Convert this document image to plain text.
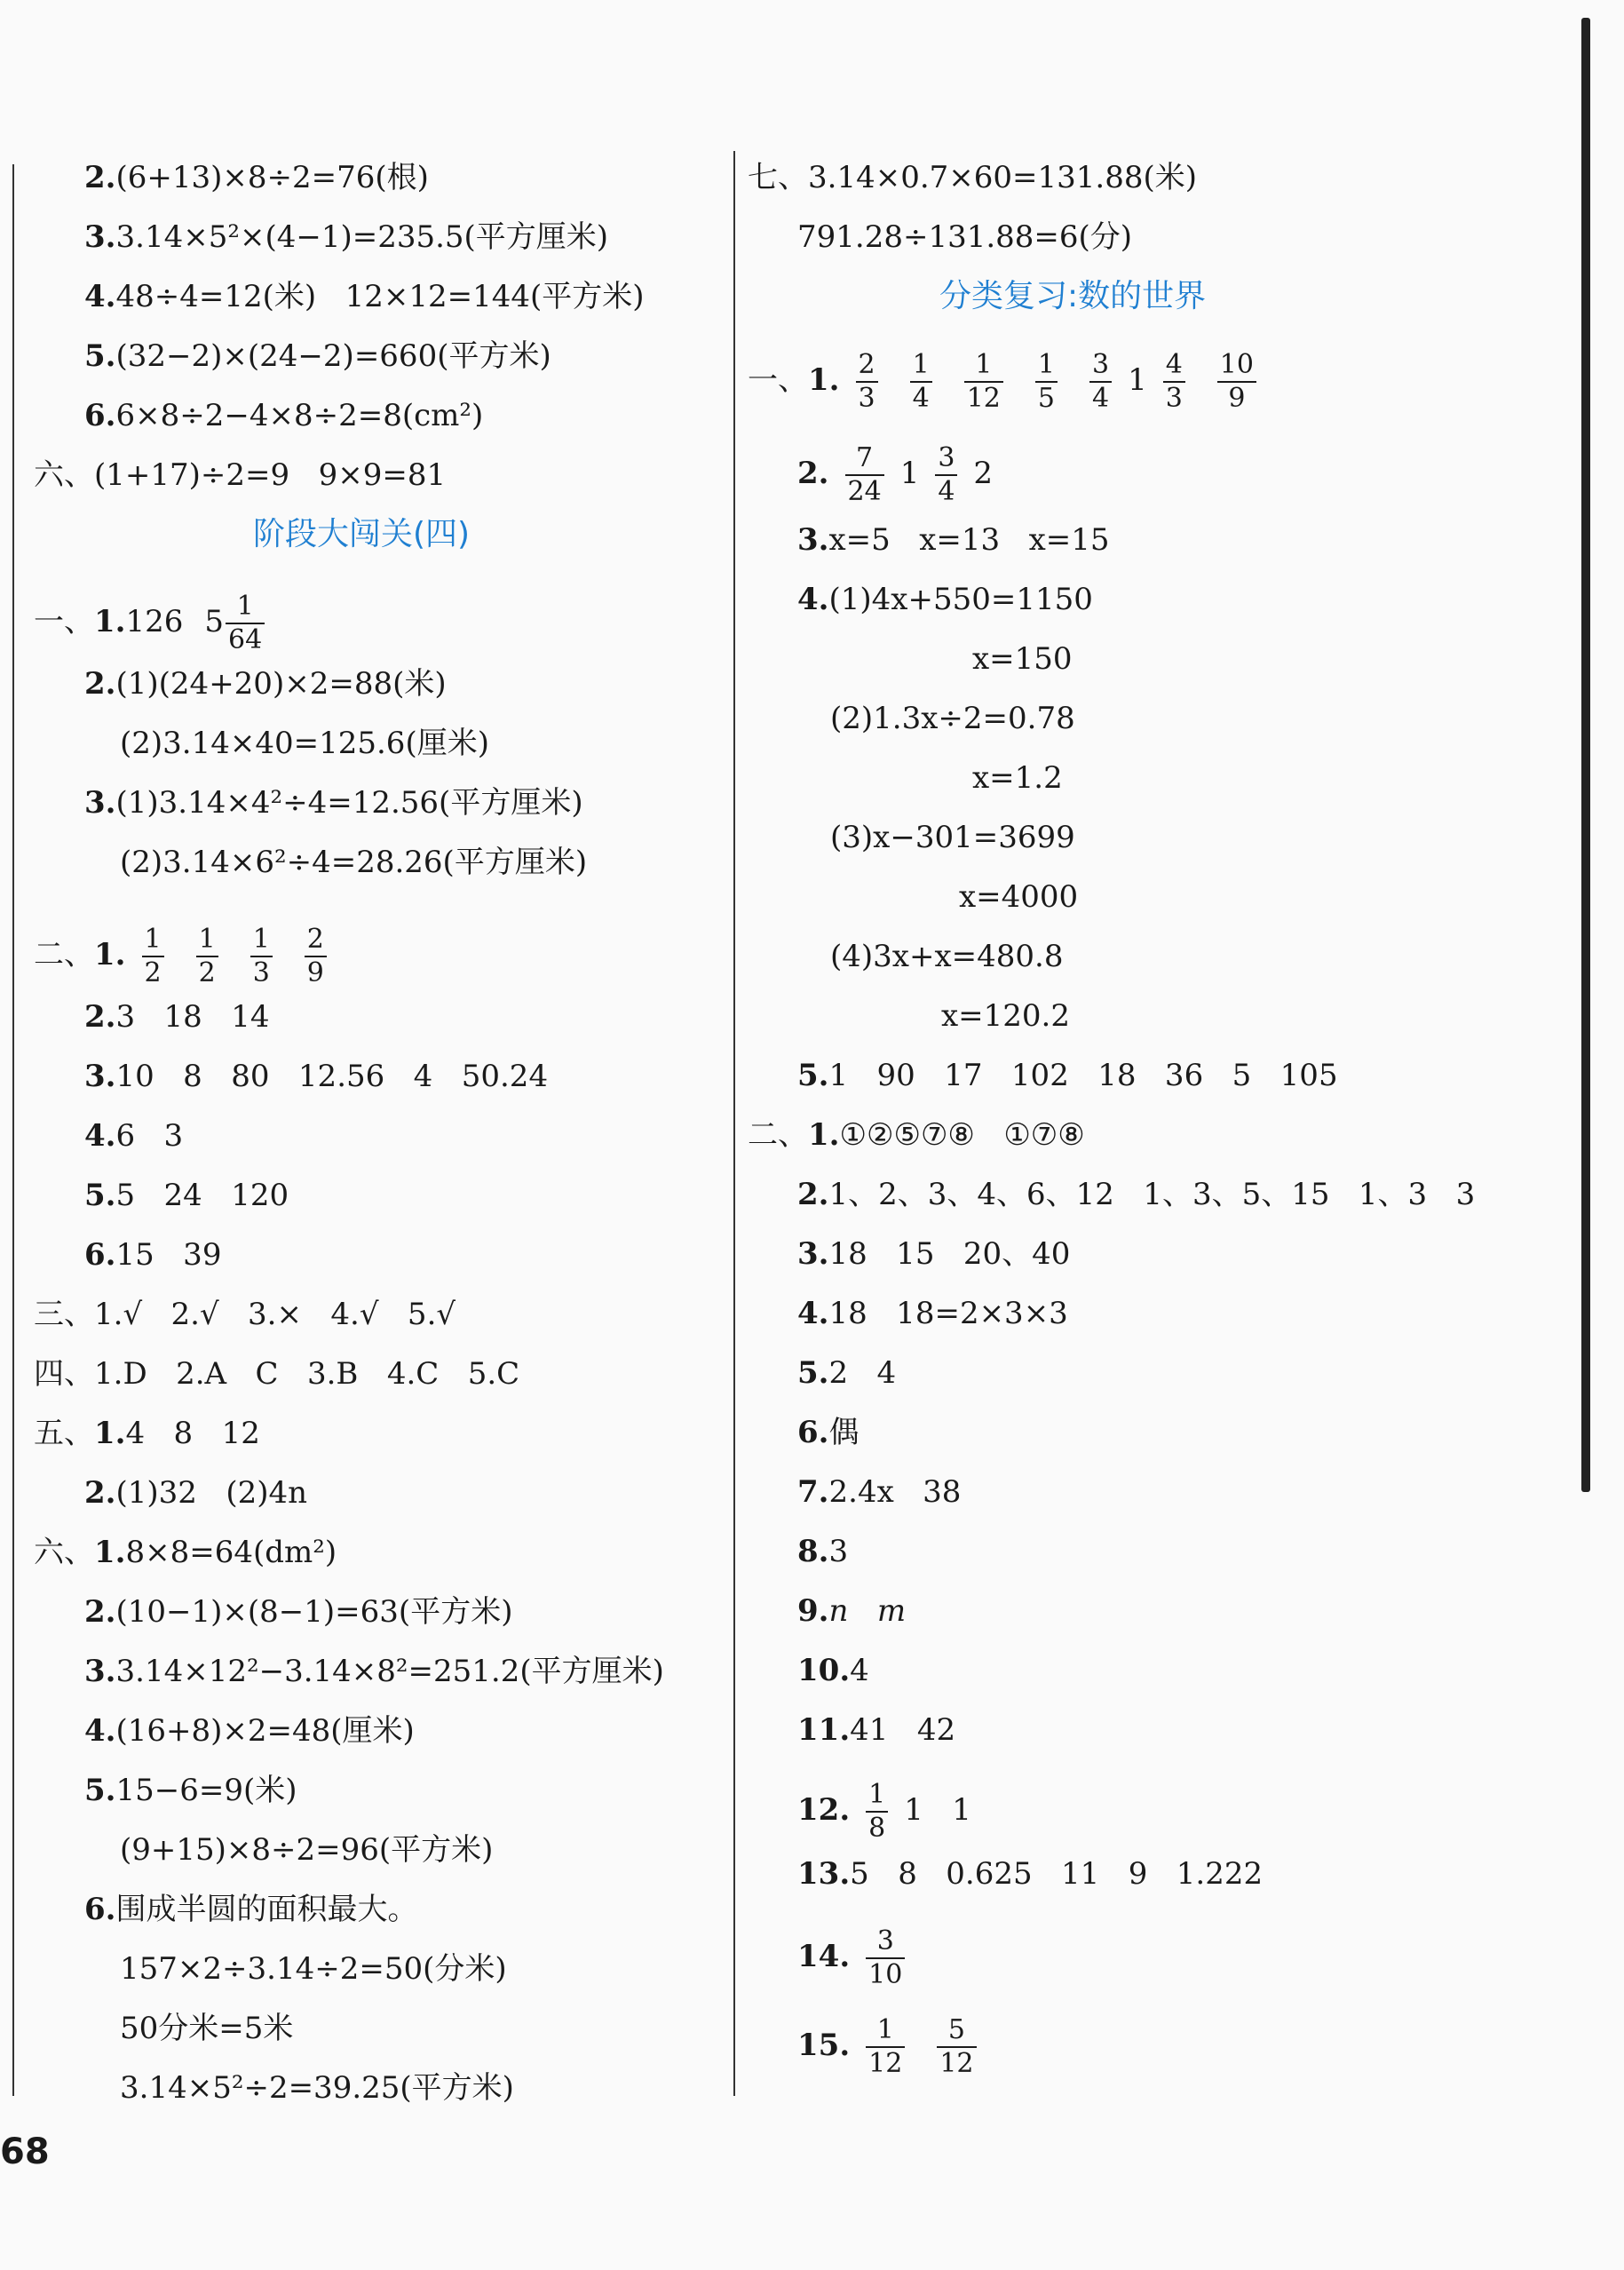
2.(6+13)×8÷2=76(根)
3.3.14×5²×(4−1)=235.5(平方厘米)
4.48÷4=12(米)   12×12=144(平方米)
5.(32−2)×(24−2)=660(平方米)
6.6×8÷2−4×8÷2=8(cm²)
六、(1+17)÷2=9   9×9=81
阶段大闯关(四)
一、1.126 $5 \frac{1}{64}$
2.(1)(24+20)×2=88(米)
(2)3.14×40=125.6(厘米)
3.(1)3.14×4²÷4=12.56(平方厘米)
(2)3.14×6²÷4=28.26(平方厘米)
二、1. $\frac{1}{2} \frac{1}{2} \frac{1}{3} \frac{2}{9}$
2.3   18   14
3.10   8   80   12.56   4   50.24
4.6   3
5.5   24   120
6.15   39
三、1.√   2.√   3.×   4.√   5.√
四、1.D   2.A   C   3.B   4.C   5.C
五、1.4   8   12
2.(1)32   (2)4n
六、1.8×8=64(dm²)
2.(10−1)×(8−1)=63(平方米)
3.3.14×12²−3.14×8²=251.2(平方厘米)
4.(16+8)×2=48(厘米)
5.15−6=9(米)
(9+15)×8÷2=96(平方米)
6.围成半圆的面积最大。
157×2÷3.14÷2=50(分米)
50分米=5米
3.14×5²÷2=39.25(平方米)
七、3.14×0.7×60=131.88(米)
791.28÷131.88=6(分)
分类复习:数的世界
一、1. $\frac{2}{3} \frac{1}{4} \frac{1}{12} \frac{1}{5} \frac{3}{4} 1 \frac{4}{3} \frac{10}{9}$
2. $\frac{7}{24} 1 \frac{3}{4} 2$
3.x=5   x=13   x=15
4.(1)4x+550=1150
x=150
(2)1.3x÷2=0.78
x=1.2
(3)x−301=3699
x=4000
(4)3x+x=480.8
x=120.2
5.1   90   17   102   18   36   5   105
二、1.①②⑤⑦⑧   ①⑦⑧
2.1、2、3、4、6、12   1、3、5、15   1、3   3
3.18   15   20、40
4.18   18=2×3×3
5.2   4
6.偶
7.2.4x   38
8.3
9.n   m
10.4
11.41   42
12. $\frac{1}{8} 1$   1
13.5   8   0.625   11   9   1.222
14. $\frac{3}{10}$
15. $\frac{1}{12} \frac{5}{12}$
68
